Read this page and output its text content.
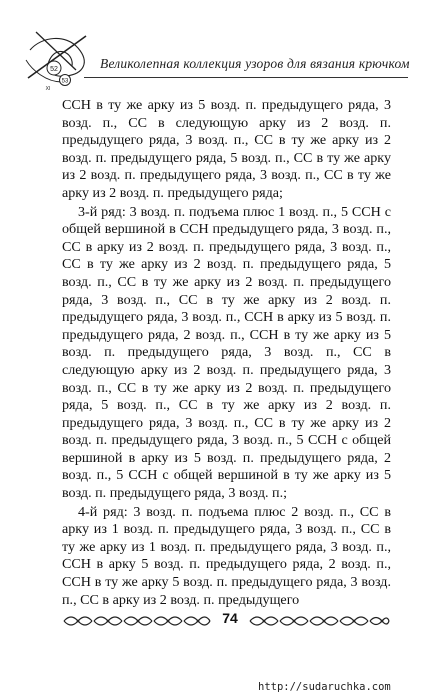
52
53
XI
Великолепная коллекция узоров для вязания крючком

ССН в ту же арку из 5 возд. п. предыдущего ряда, 3 возд. п., СС в следующую арку из 2 возд. п. предыдущего ряда, 3 возд. п., СС в ту же арку из 2 возд. п. предыдущего ряда, 5 возд. п., СС в ту же арку из 2 возд. п. предыдущего ряда, 3 возд. п., СС в ту же арку из 2 возд. п. предыдущего ряда;

3-й ряд: 3 возд. п. подъема плюс 1 возд. п., 5 ССН с общей вершиной в ССН предыдущего ряда, 3 возд. п., СС в арку из 2 возд. п. предыдущего ряда, 3 возд. п., СС в ту же арку из 2 возд. п. предыдущего ряда, 5 возд. п., СС в ту же арку из 2 возд. п. предыдущего ряда, 3 возд. п., СС в ту же арку из 2 возд. п. предыдущего ряда, 3 возд. п., ССН в арку из 5 возд. п. предыдущего ряда, 2 возд. п., ССН в ту же арку из 5 возд. п. предыдущего ряда, 3 возд. п., СС в следующую арку из 2 возд. п. предыдущего ряда, 3 возд. п., СС в ту же арку из 2 возд. п. предыдущего ряда, 5 возд. п., СС в ту же арку из 2 возд. п. предыдущего ряда, 3 возд. п., СС в ту же арку из 2 возд. п. предыдущего ряда, 3 возд. п., 5 ССН с общей вершиной в арку из 5 возд. п. предыдущего ряда, 2 возд. п., 5 ССН с общей вершиной в ту же арку из 5 возд. п. предыдущего ряда, 3 возд. п.;

4-й ряд: 3 возд. п. подъема плюс 2 возд. п., СС в арку из 1 возд. п. предыдущего ряда, 3 возд. п., СС в ту же арку из 1 возд. п. предыдущего ряда, 3 возд. п., ССН в арку 5 возд. п. предыдущего ряда, 2 возд. п., ССН в ту же арку 5 возд. п. предыдущего ряда, 3 возд. п., СС в арку из 2 возд. п. предыдущего

74
http://sudaruchka.com
